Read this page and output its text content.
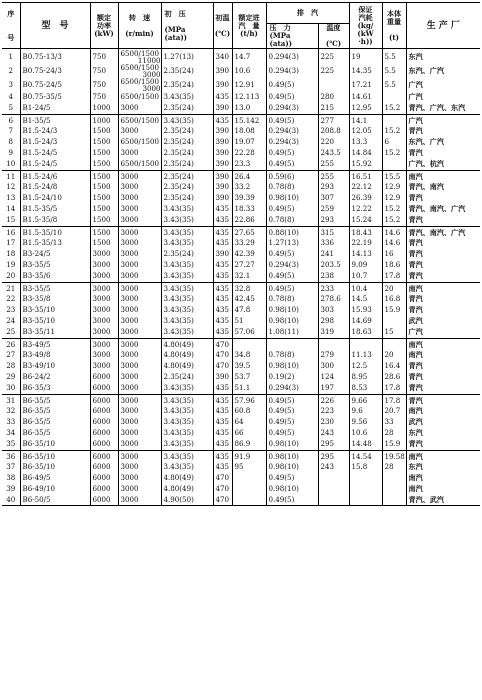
序

号	型　号	额定
功率
(kW)	转　速

(r/min)	初　压

(MPa
(ata))	初温

(℃)	额定进
汽　量
(t/h)	排　汽		保证
汽耗
(kg/
(kW
·h))	本体
重量

(t)	生 产 厂
							压　力
(MPa
(ata))	温度

(℃)			
1	B0.75-13/3	750	6500/1500
11000	1.27(13)	340	14.7	0.294(3)	225	19	5.5	东汽
2	B0.75-24/3	750	6500/1500
3000	2.35(24)	390	10.6	0.294(3)	225	14.35	5.5	东汽、广汽
3	B0.75-24/5	750	6500/1500
3000	2.35(24)	390	12.91	0.49(5)		17.21	5.5	广汽
4	B0.75-35/5	750	6500/1500	3.43(35)	435	12.113	0.49(5)	280	14.61		广汽
5	B1-24/5	1000	3000	2.35(24)	390	13.0	0.294(3)	215	12.95	15.2	青汽、广汽、东汽
6	B1-35/5	1000	6500/1500	3.43(35)	435	15.142	0.49(5)	277	14.1		广汽
7	B1.5-24/3	1500	3000	2.35(24)	390	18.08	0.294(3)	208.8	12.05	15.2	青汽
8	B1.5-24/3	1500	6500/1500	2.35(24)	390	19.07	0.294(3)	220	13.3	6	东汽、广汽
9	B1.5-24/5	1500	3000	2.35(24)	390	22.28	0.49(5)	243.5	14.84	15.2	青汽
10	B1.5-24/5	1500	6500/1500	2.35(24)	390	23.3	0.49(5)	255	15.92		广汽、杭汽
11	B1.5-24/6	1500	3000	2.35(24)	390	26.4	0.59(6)	255	16.51	15.5	南汽
12	B1.5-24/8	1500	3000	2.35(24)	390	33.2	0.78(8)	293	22.12	12.9	青汽、南汽
13	B1.5-24/10	1500	3000	2.35(24)	390	39.39	0.98(10)	307	26.39	12.9	青汽
14	B1.5-35/5	1500	3000	3.43(35)	435	18.33	0.49(5)	259	12.22	15.2	青汽、南汽、广汽
15	B1.5-35/8	1500	3000	3.43(35)	435	22.86	0.78(8)	293	15.24	15.2	青汽
16	B1.5-35/10	1500	3000	3.43(35)	435	27.65	0.88(10)	315	18.43	14.6	青汽、南汽、广汽
17	B1.5-35/13	1500	3000	3.43(35)	435	33.29	1.27(13)	336	22.19	14.6	青汽
18	B3-24/5	3000	3000	2.35(24)	390	42.39	0.49(5)	241	14.13	16	青汽
19	B3-35/5	3000	3000	3.43(35)	435	27.27	0.294(3)	203.5	9.09	18.6	青汽
20	B3-35/6	3000	3000	3.43(35)	435	32.1	0.49(5)	238	10.7	17.8	青汽
21	B3-35/5	3000	3000	3.43(35)	435	32.8	0.49(5)	233	10.4	20	南汽
22	B3-35/8	3000	3000	3.43(35)	435	42.45	0.78(8)	278.6	14.5	16.8	青汽
23	B3-35/10	3000	3000	3.43(35)	435	47.8	0.98(10)	303	15.93	15.9	青汽
24	B3-35/10	3000	3000	3.43(35)	435	51	0.98(10)	298	14.69		武汽
25	B3-35/11	3000	3000	3.43(35)	435	57.06	1.08(11)	319	18.63	15	广汽
26	B3-49/5	3000	3000	4.80(49)	470						南汽
27	B3-49/8	3000	3000	4.80(49)	470	34.8	0.78(8)	279	11.13	20	南汽
28	B3-49/10	3000	3000	4.80(49)	470	39.5	0.98(10)	300	12.5	16.4	青汽
29	B6-24/2	6000	3000	2.35(24)	390	53.7	0.19(2)	124	8.95	28.6	青汽
30	B6-35/3	6000	3000	3.43(35)	435	51.1	0.294(3)	197	8.53	17.8	青汽
31	B6-35/5	6000	3000	3.43(35)	435	57.96	0.49(5)	226	9.66	17.8	青汽
32	B6-35/5	6000	3000	3.43(35)	435	60.8	0.49(5)	223	9.6	20.7	南汽
33	B6-35/5	6000	3000	3.43(35)	435	64	0.49(5)	230	9.56	33	武汽
34	B6-35/5	6000	3000	3.43(35)	435	66	0.49(5)	243	10.6	28	东汽
35	B6-35/10	6000	3000	3.43(35)	435	86.9	0.98(10)	295	14.48	15.9	青汽
36	B6-35/10	6000	3000	3.43(35)	435	91.9	0.98(10)	295	14.54	19.58	南汽
37	B6-35/10	6000	3000	3.43(35)	435	95	0.98(10)	243	15.8	28	东汽
38	B6-49/5	6000	3000	4.80(49)	470		0.49(5)				南汽
39	B6-49/10	6000	3000	4.80(49)	470		0.98(10)				南汽
40	B6-50/5	6000	3000	4.90(50)	470		0.49(5)				青汽、武汽
